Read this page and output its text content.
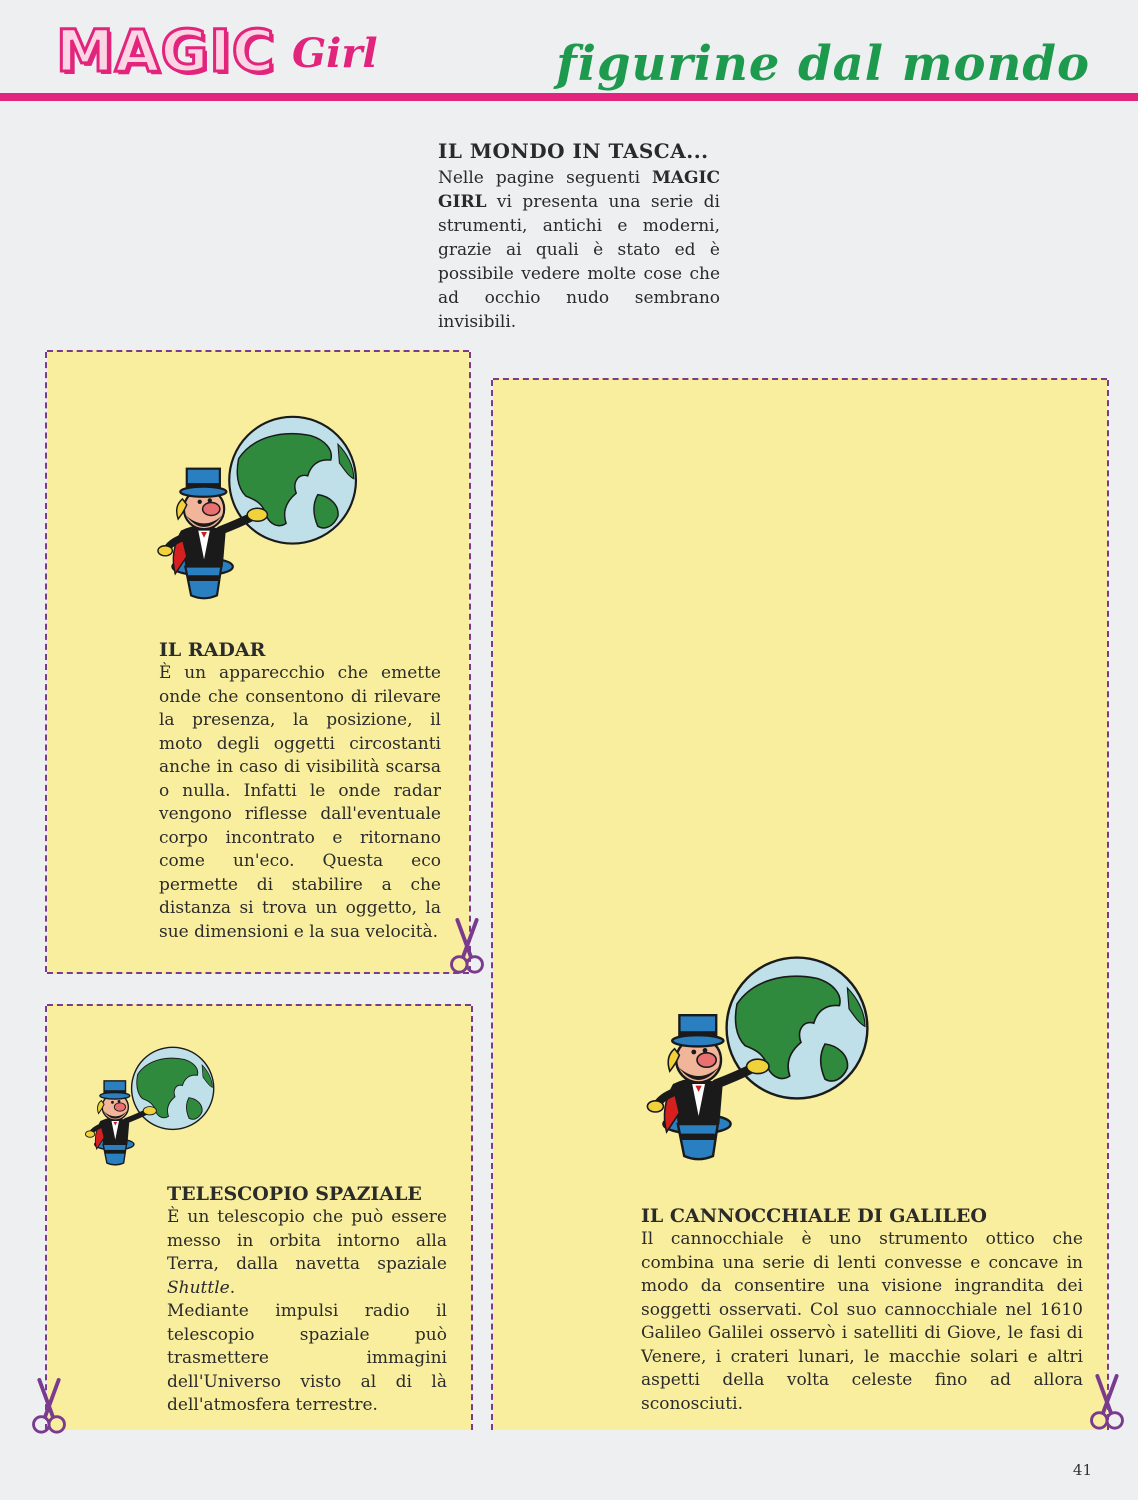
MAGIC Girl	figurine dal mondo
IL MONDO IN TASCA...

Nelle pagine seguenti MAGIC GIRL vi presenta una serie di strumenti, antichi e moderni, grazie ai quali è stato ed è possibile vedere molte cose che ad occhio nudo sembrano invisibili.

IL RADAR

È un apparecchio che emette onde che consentono di rilevare la presenza, la posizione, il moto degli oggetti circostanti anche in caso di visibilità scarsa o nulla. Infatti le onde radar vengono riflesse dall'eventuale corpo incontrato e ritornano come un'eco. Questa eco permette di stabilire a che distanza si trova un oggetto, la sue dimensioni e la sua velocità.

TELESCOPIO SPAZIALE
È un telescopio che può essere messo in orbita intorno alla Terra, dalla navetta spaziale Shuttle.
Mediante impulsi radio il telescopio spaziale può trasmettere immagini dell'Universo visto al di là dell'atmosfera terrestre.
IL CANNOCCHIALE DI GALILEO

Il cannocchiale è uno strumento ottico che combina una serie di lenti convesse e concave in modo da consentire una visione ingrandita dei soggetti osservati. Col suo cannocchiale nel 1610 Galileo Galilei osservò i satelliti di Giove, le fasi di Venere, i crateri lunari, le macchie solari e altri aspetti della volta celeste fino ad allora sconosciuti.

41
